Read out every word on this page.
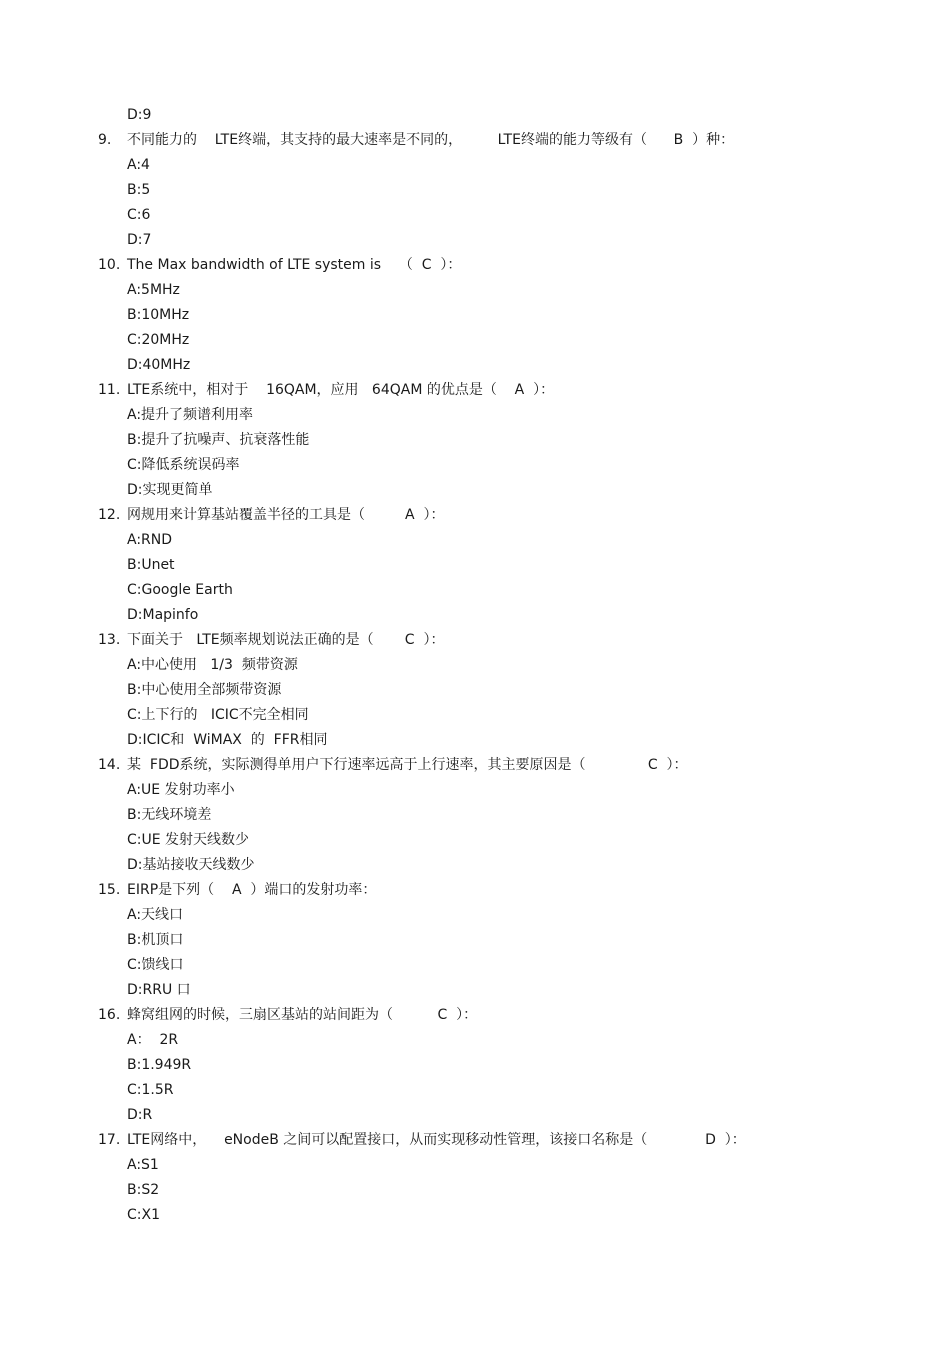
D:9

9. 不同能力的    LTE终端，其支持的最大速率是不同的，        LTE终端的能力等级有（      B  ）种：
A:4
B:5
C:6
D:7
10. The Max bandwidth of LTE system is    （  C  ）：
A:5MHz
B:10MHz
C:20MHz
D:40MHz
11. LTE系统中，相对于    16QAM，应用   64QAM 的优点是（    A  ）：
A:提升了频谱利用率
B:提升了抗噪声、抗衰落性能
C:降低系统误码率
D:实现更简单
12. 网规用来计算基站覆盖半径的工具是（         A  ）：
A:RND
B:Unet
C:Google Earth
D:Mapinfo
13. 下面关于   LTE频率规划说法正确的是（       C  ）：
A:中心使用   1/3  频带资源
B:中心使用全部频带资源
C:上下行的   ICIC不完全相同
D:ICIC和  WiMAX  的  FFR相同
14. 某  FDD系统，实际测得单用户下行速率远高于上行速率，其主要原因是（              C  ）：
A:UE 发射功率小
B:无线环境差
C:UE 发射天线数少
D:基站接收天线数少
15. EIRP是下列（    A  ）端口的发射功率：
A:天线口
B:机顶口
C:馈线口
D:RRU 口
16. 蜂窝组网的时候，三扇区基站的站间距为（          C  ）：
A：  2R
B:1.949R
C:1.5R
D:R
17. LTE网络中，    eNodeB 之间可以配置接口，从而实现移动性管理，该接口名称是（             D  ）：
A:S1
B:S2
C:X1
